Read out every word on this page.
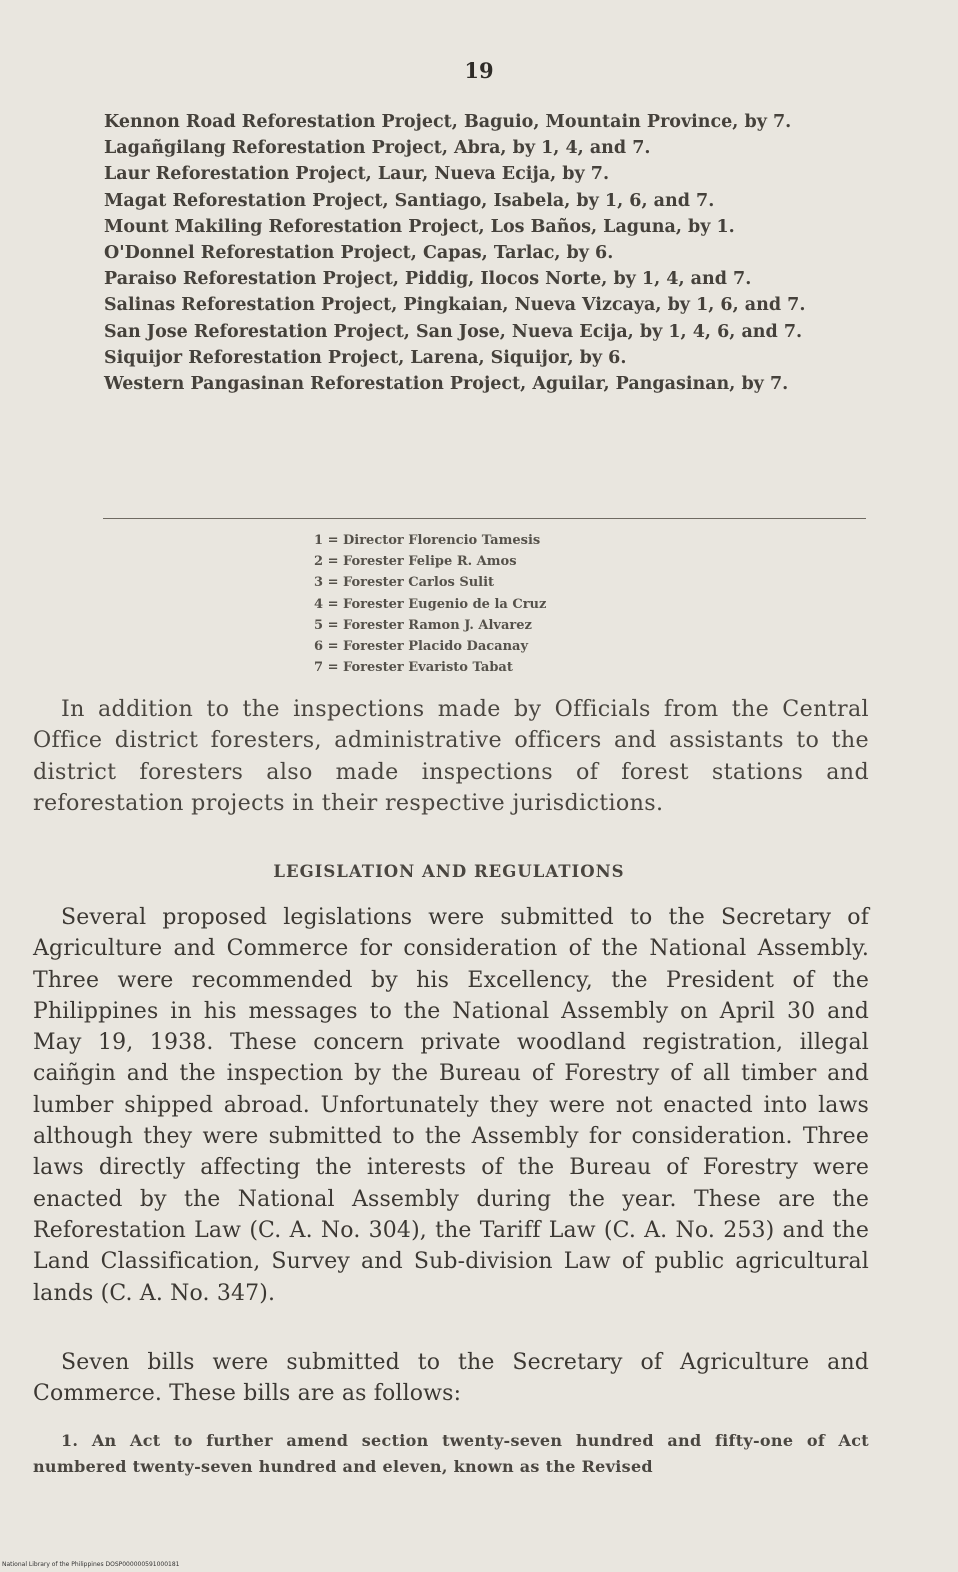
19

Kennon Road Reforestation Project, Baguio, Mountain Province, by 7.

Lagañgilang Reforestation Project, Abra, by 1, 4, and 7.

Laur Reforestation Project, Laur, Nueva Ecija, by 7.

Magat Reforestation Project, Santiago, Isabela, by 1, 6, and 7.

Mount Makiling Reforestation Project, Los Baños, Laguna, by 1.

O'Donnel Reforestation Project, Capas, Tarlac, by 6.

Paraiso Reforestation Project, Piddig, Ilocos Norte, by 1, 4, and 7.

Salinas Reforestation Project, Pingkaian, Nueva Vizcaya, by 1, 6, and 7.

San Jose Reforestation Project, San Jose, Nueva Ecija, by 1, 4, 6, and 7.

Siquijor Reforestation Project, Larena, Siquijor, by 6.

Western Pangasinan Reforestation Project, Aguilar, Pangasinan, by 7.

1 = Director Florencio Tamesis
2 = Forester Felipe R. Amos
3 = Forester Carlos Sulit
4 = Forester Eugenio de la Cruz
5 = Forester Ramon J. Alvarez
6 = Forester Placido Dacanay
7 = Forester Evaristo Tabat

In addition to the inspections made by Officials from the Central Office district foresters, administrative officers and assistants to the district foresters also made inspections of forest stations and reforestation projects in their respective jurisdictions.

LEGISLATION AND REGULATIONS

Several proposed legislations were submitted to the Secretary of Agriculture and Commerce for consideration of the National Assembly. Three were recommended by his Excellency, the President of the Philippines in his messages to the National Assembly on April 30 and May 19, 1938. These concern private woodland registration, illegal caiñgin and the inspection by the Bureau of Forestry of all timber and lumber shipped abroad. Unfortunately they were not enacted into laws although they were submitted to the Assembly for consideration. Three laws directly affecting the interests of the Bureau of Forestry were enacted by the National Assembly during the year. These are the Reforestation Law (C. A. No. 304), the Tariff Law (C. A. No. 253) and the Land Classification, Survey and Sub-division Law of public agricultural lands (C. A. No. 347).

Seven bills were submitted to the Secretary of Agriculture and Commerce. These bills are as follows:

1. An Act to further amend section twenty-seven hundred and fifty-one of Act numbered twenty-seven hundred and eleven, known as the Revised

National Library of the Philippines DOSP000000591000181
